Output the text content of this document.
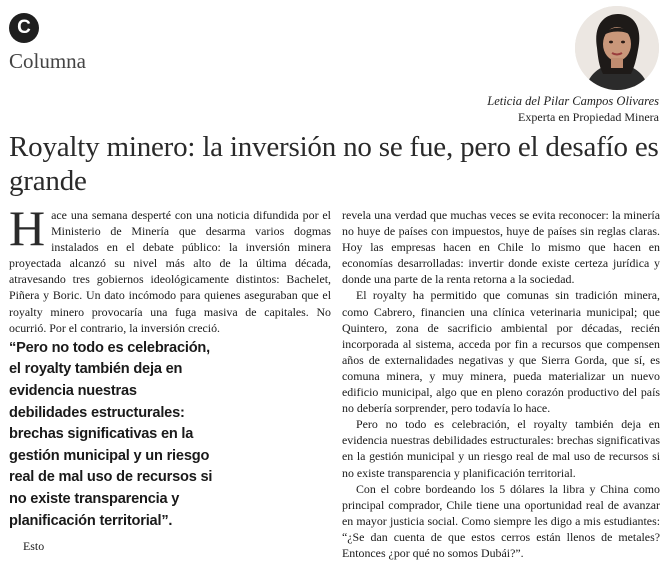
C
Columna
Leticia del Pilar Campos Olivares
Experta en Propiedad Minera
Royalty minero: la inversión no se fue, pero el desafío es grande

H ace una semana desperté con una noticia difundida por el Ministerio de Minería que desarma varios dogmas instalados en el debate público: la inversión minera proyectada alcanzó su nivel más alto de la última década, atravesando tres gobiernos ideológicamente distintos: Bachelet, Piñera y Boric. Un dato incómodo para quienes aseguraban que el royalty minero provocaría una fuga masiva de capitales. No ocurrió. Por el contrario, la inversión creció.

“Pero no todo es celebración, el royalty también deja en evidencia nuestras debilidades estructurales: brechas significativas en la gestión municipal y un riesgo real de mal uso de recursos si no existe transparencia y planificación territorial”.

Esto

revela una verdad que muchas veces se evita reconocer: la minería no huye de países con impuestos, huye de países sin reglas claras. Hoy las empresas hacen en Chile lo mismo que hacen en economías desarrolladas: invertir donde existe certeza jurídica y donde una parte de la renta retorna a la sociedad.

El royalty ha permitido que comunas sin tradición minera, como Cabrero, financien una clínica veterinaria municipal; que Quintero, zona de sacrificio ambiental por décadas, recién incorporada al sistema, acceda por fin a recursos que compensen años de externalidades negativas y que Sierra Gorda, que sí, es comuna minera, y muy minera, pueda materializar un nuevo edificio municipal, algo que en pleno corazón productivo del país no debería sorprender, pero todavía lo hace.

Pero no todo es celebración, el royalty también deja en evidencia nuestras debilidades estructurales: brechas significativas en la gestión municipal y un riesgo real de mal uso de recursos si no existe transparencia y planificación territorial.

Con el cobre bordeando los 5 dólares la libra y China como principal comprador, Chile tiene una oportunidad real de avanzar en mayor justicia social. Como siempre les digo a mis estudiantes: “¿Se dan cuenta de que estos cerros están llenos de metales? Entonces ¿por qué no somos Dubái?”.
